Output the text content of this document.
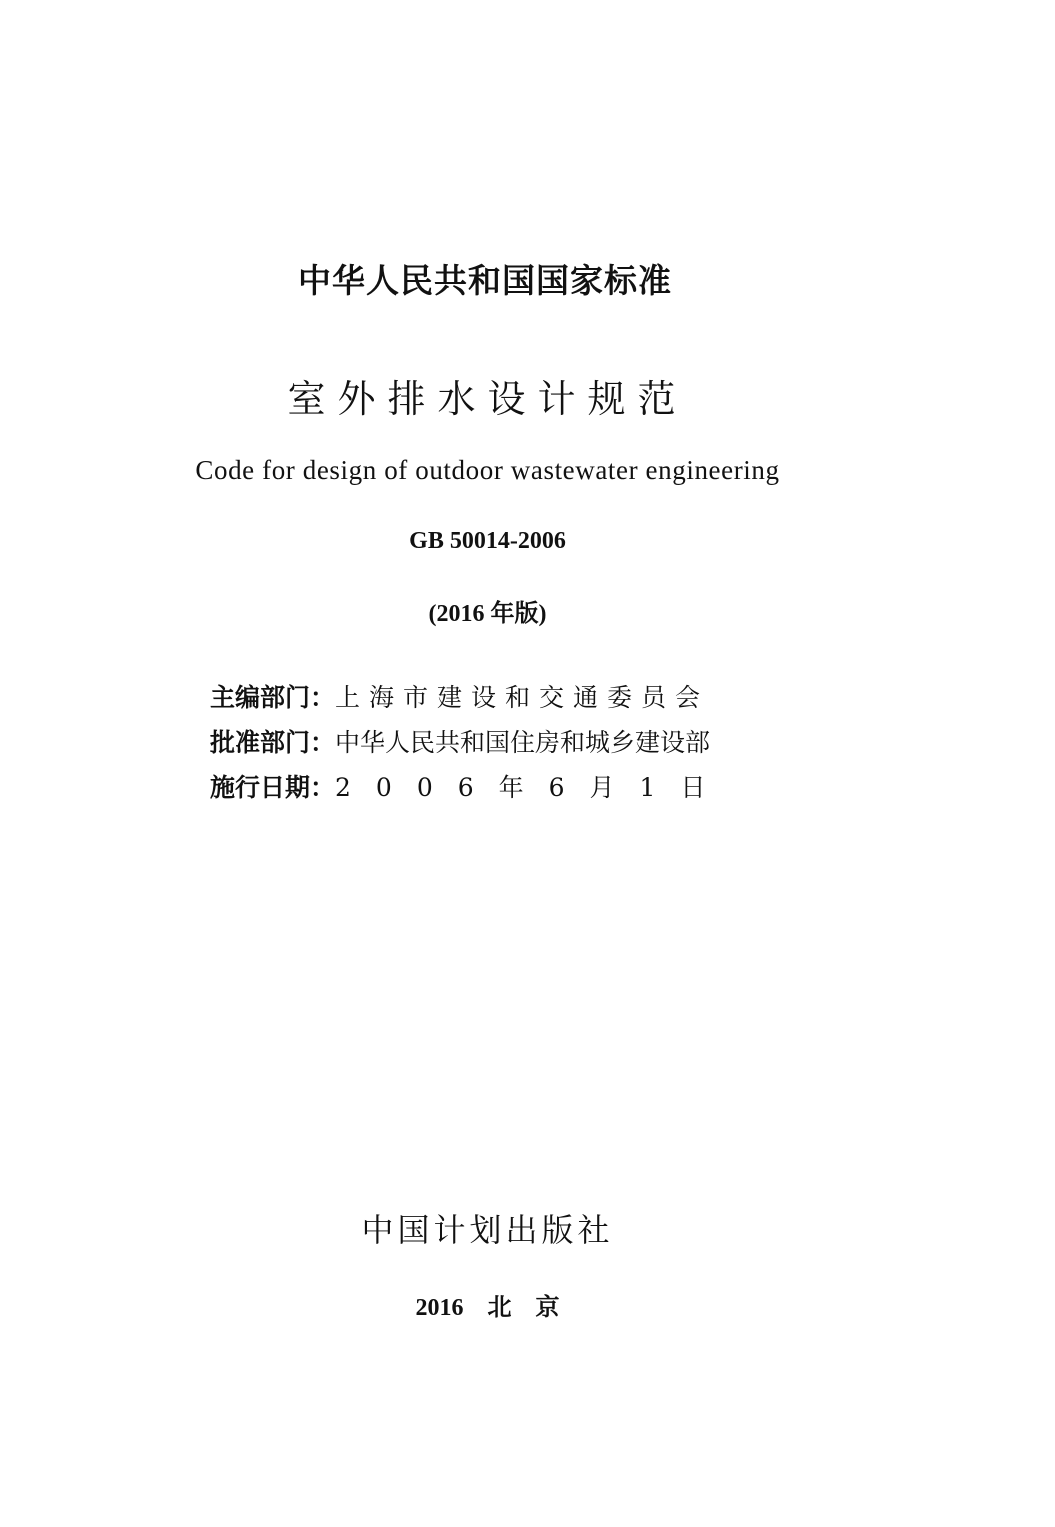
中华人民共和国国家标准
室外排水设计规范
Code for design of outdoor wastewater engineering
GB 50014-2006
(2016 年版)
主编部门： 上海市建设和交通委员会
批准部门： 中华人民共和国住房和城乡建设部
施行日期： 2006年6月1日
中国计划出版社
2016 北 京
